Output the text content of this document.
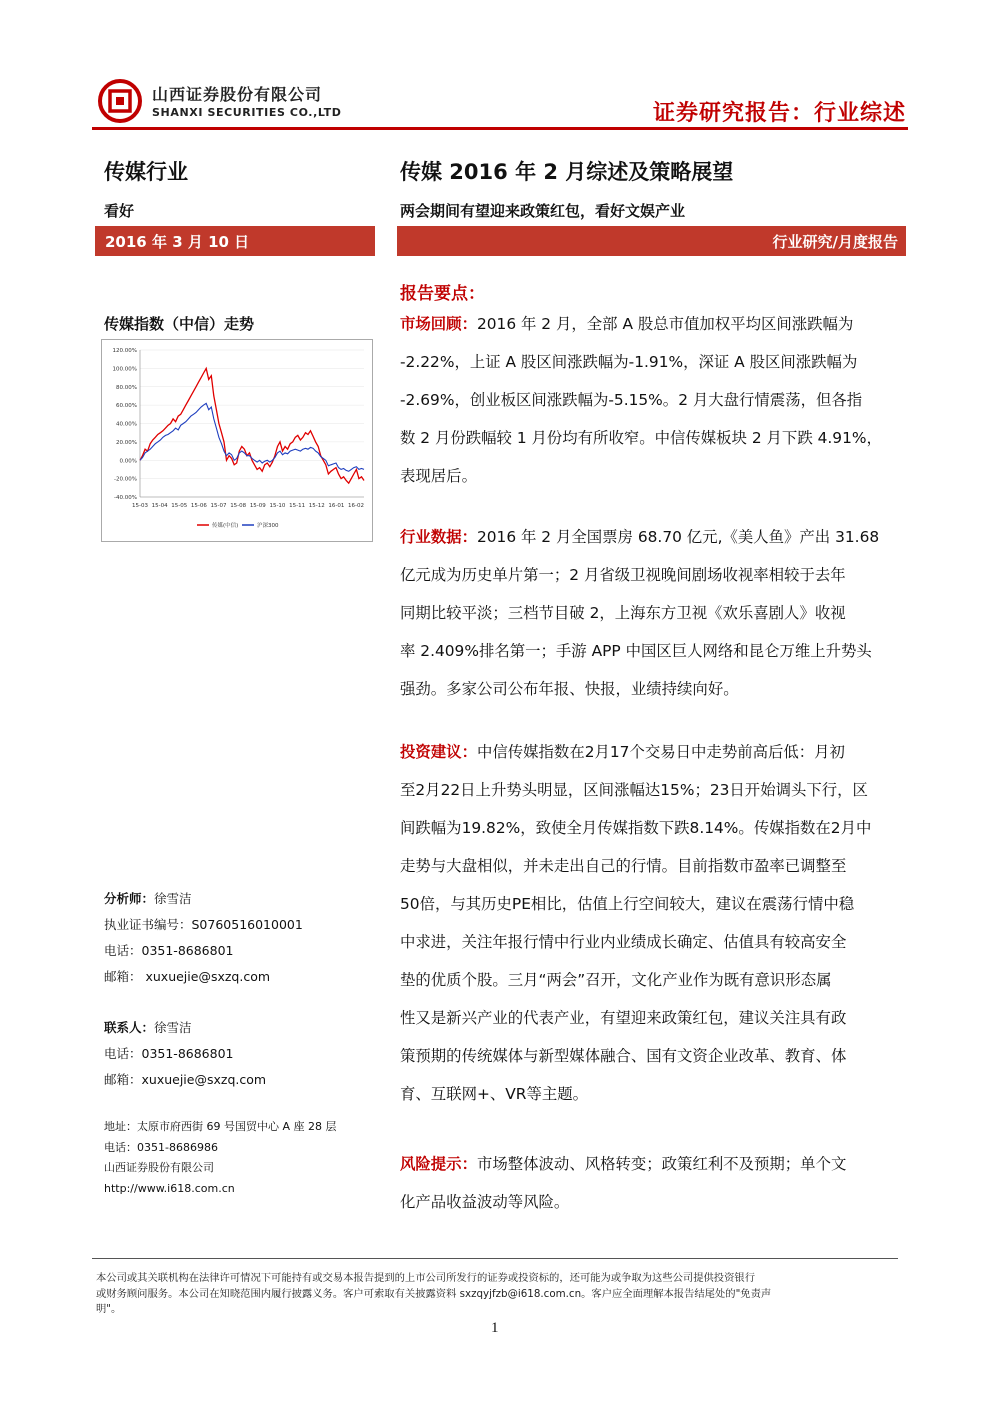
山西证券股份有限公司
SHANXI SECURITIES CO.,LTD	证券研究报告：行业综述
传媒行业
看好
2016 年 3 月 10 日
传媒指数（中信）走势
120.00%
100.00%
80.00%
60.00%
40.00%
20.00%
0.00%
-20.00%
-40.00%
15-03 15-04 15-05 15-06 15-07 15-08 15-09 15-10 15-11 15-12 16-01 16-02
传媒(中信)	沪深300
分析师：徐雪洁
执业证书编号：S0760516010001
电话：0351-8686801
邮箱： xuxuejie@sxzq.com
联系人：徐雪洁
电话：0351-8686801
邮箱：xuxuejie@sxzq.com
地址：太原市府西街 69 号国贸中心 A 座 28 层
电话：0351-8686986
山西证券股份有限公司
http://www.i618.com.cn
传媒 2016 年 2 月综述及策略展望
两会期间有望迎来政策红包，看好文娱产业
行业研究/月度报告
报告要点：
市场回顾：2016 年 2 月，全部 A 股总市值加权平均区间涨跌幅为
-2.22%，上证 A 股区间涨跌幅为-1.91%，深证 A 股区间涨跌幅为
-2.69%，创业板区间涨跌幅为-5.15%。2 月大盘行情震荡，但各指
数 2 月份跌幅较 1 月份均有所收窄。中信传媒板块 2 月下跌 4.91%，
表现居后。
行业数据：2016 年 2 月全国票房 68.70 亿元,《美人鱼》产出 31.68
亿元成为历史单片第一；2 月省级卫视晚间剧场收视率相较于去年
同期比较平淡；三档节目破 2，上海东方卫视《欢乐喜剧人》收视
率 2.409%排名第一；手游 APP 中国区巨人网络和昆仑万维上升势头
强劲。多家公司公布年报、快报，业绩持续向好。
投资建议：中信传媒指数在2月17个交易日中走势前高后低：月初
至2月22日上升势头明显，区间涨幅达15%；23日开始调头下行，区
间跌幅为19.82%，致使全月传媒指数下跌8.14%。传媒指数在2月中
走势与大盘相似，并未走出自己的行情。目前指数市盈率已调整至
50倍，与其历史PE相比，估值上行空间较大，建议在震荡行情中稳
中求进，关注年报行情中行业内业绩成长确定、估值具有较高安全
垫的优质个股。三月“两会”召开，文化产业作为既有意识形态属
性又是新兴产业的代表产业，有望迎来政策红包，建议关注具有政
策预期的传统媒体与新型媒体融合、国有文资企业改革、教育、体
育、互联网+、VR等主题。
风险提示：市场整体波动、风格转变；政策红利不及预期；单个文
化产品收益波动等风险。
本公司或其关联机构在法律许可情况下可能持有或交易本报告提到的上市公司所发行的证券或投资标的，还可能为或争取为这些公司提供投资银行
或财务顾问服务。本公司在知晓范围内履行披露义务。客户可索取有关披露资料 sxzqyjfzb@i618.com.cn。客户应全面理解本报告结尾处的"免责声
明"。
1
